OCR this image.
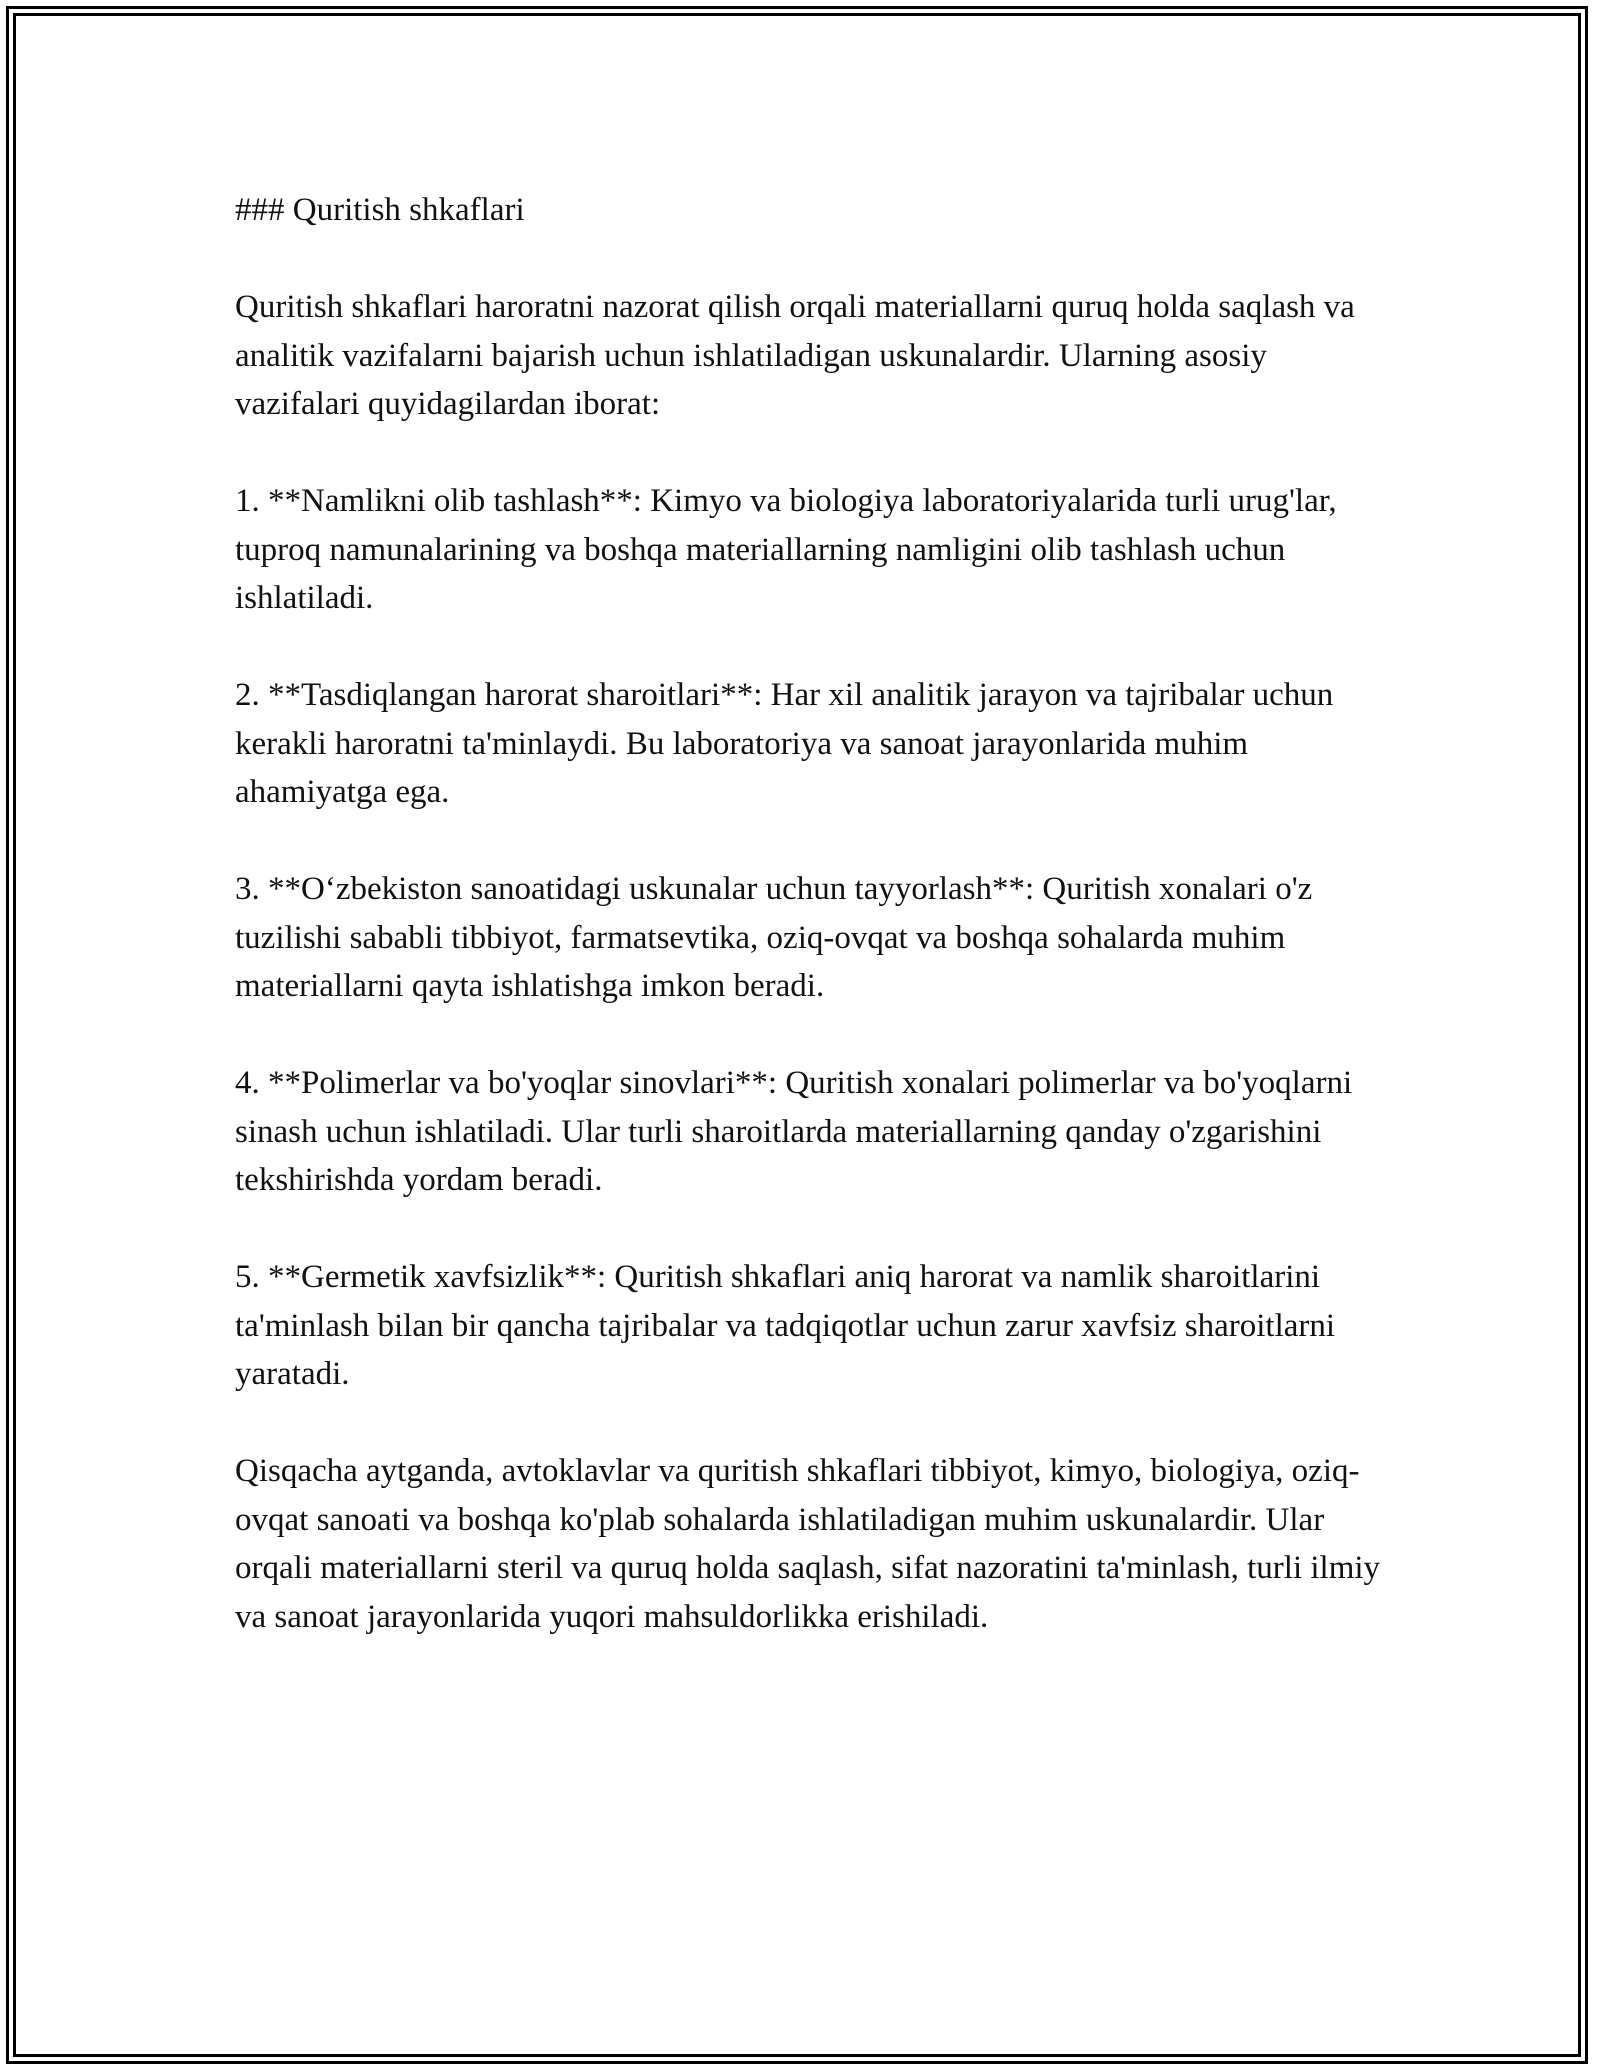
### Quritish shkaflari

Quritish shkaflari haroratni nazorat qilish orqali materiallarni quruq holda saqlash va analitik vazifalarni bajarish uchun ishlatiladigan uskunalardir. Ularning asosiy vazifalari quyidagilardan iborat:

1. **Namlikni olib tashlash**: Kimyo va biologiya laboratoriyalarida turli urug'lar, tuproq namunalarining va boshqa materiallarning namligini olib tashlash uchun ishlatiladi.

2. **Tasdiqlangan harorat sharoitlari**: Har xil analitik jarayon va tajribalar uchun kerakli haroratni ta'minlaydi. Bu laboratoriya va sanoat jarayonlarida muhim ahamiyatga ega.

3. **O‘zbekiston sanoatidagi uskunalar uchun tayyorlash**: Quritish xonalari o'z tuzilishi sababli tibbiyot, farmatsevtika, oziq-ovqat va boshqa sohalarda muhim materiallarni qayta ishlatishga imkon beradi.

4. **Polimerlar va bo'yoqlar sinovlari**: Quritish xonalari polimerlar va bo'yoqlarni sinash uchun ishlatiladi. Ular turli sharoitlarda materiallarning qanday o'zgarishini tekshirishda yordam beradi.

5. **Germetik xavfsizlik**: Quritish shkaflari aniq harorat va namlik sharoitlarini ta'minlash bilan bir qancha tajribalar va tadqiqotlar uchun zarur xavfsiz sharoitlarni yaratadi.

Qisqacha aytganda, avtoklavlar va quritish shkaflari tibbiyot, kimyo, biologiya, oziq-ovqat sanoati va boshqa ko'plab sohalarda ishlatiladigan muhim uskunalardir. Ular orqali materiallarni steril va quruq holda saqlash, sifat nazoratini ta'minlash, turli ilmiy va sanoat jarayonlarida yuqori mahsuldorlikka erishiladi.
